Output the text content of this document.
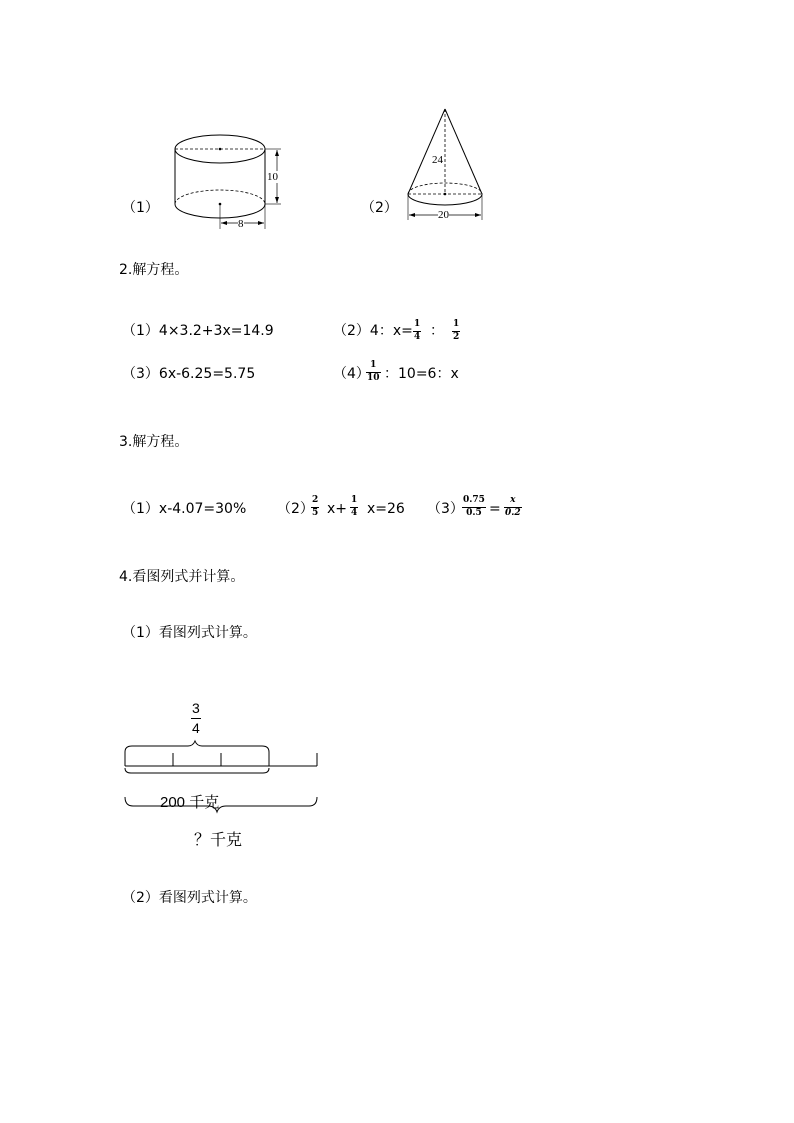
（1）
10
8
（2）
24
20
2.解方程。
（1）4×3.2+3x=14.9	（2）4：x= 1
4 ： 1
2
（3）6x-6.25=5.75	（4）
1
10 ：10=6：x
3.解方程。
（1）x-4.07=30% （2）
2
5 x+
1
4 x=26 （3）
0.75
0.5 =
x
0.2
4.看图列式并计算。
（1）看图列式计算。
3
4
200 千克
？千克
（2）看图列式计算。
